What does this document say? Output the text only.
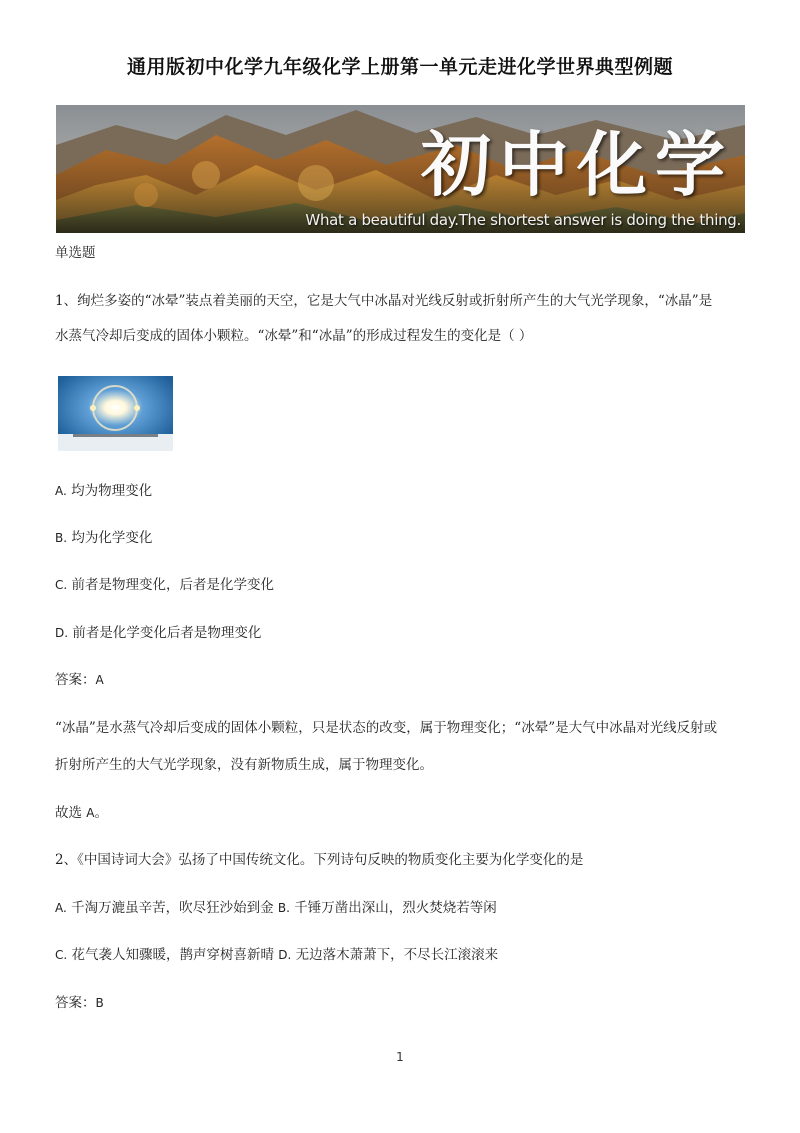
通用版初中化学九年级化学上册第一单元走进化学世界典型例题
初中化学
What a beautiful day.The shortest answer is doing the thing.
单选题
1、绚烂多姿的“冰晕”装点着美丽的天空，它是大气中冰晶对光线反射或折射所产生的大气光学现象，“冰晶”是
水蒸气冷却后变成的固体小颗粒。“冰晕”和“冰晶”的形成过程发生的变化是（ ）
A. 均为物理变化
B. 均为化学变化
C. 前者是物理变化，后者是化学变化
D. 前者是化学变化后者是物理变化
答案：A
“冰晶”是水蒸气冷却后变成的固体小颗粒，只是状态的改变，属于物理变化；“冰晕”是大气中冰晶对光线反射或
折射所产生的大气光学现象，没有新物质生成，属于物理变化。
故选 A。
2、《中国诗词大会》弘扬了中国传统文化。下列诗句反映的物质变化主要为化学变化的是
A. 千淘万漉虽辛苦，吹尽狂沙始到金 B. 千锤万凿出深山，烈火焚烧若等闲
C. 花气袭人知骤暖，鹊声穿树喜新晴 D. 无边落木萧萧下，不尽长江滚滚来
答案：B
1
